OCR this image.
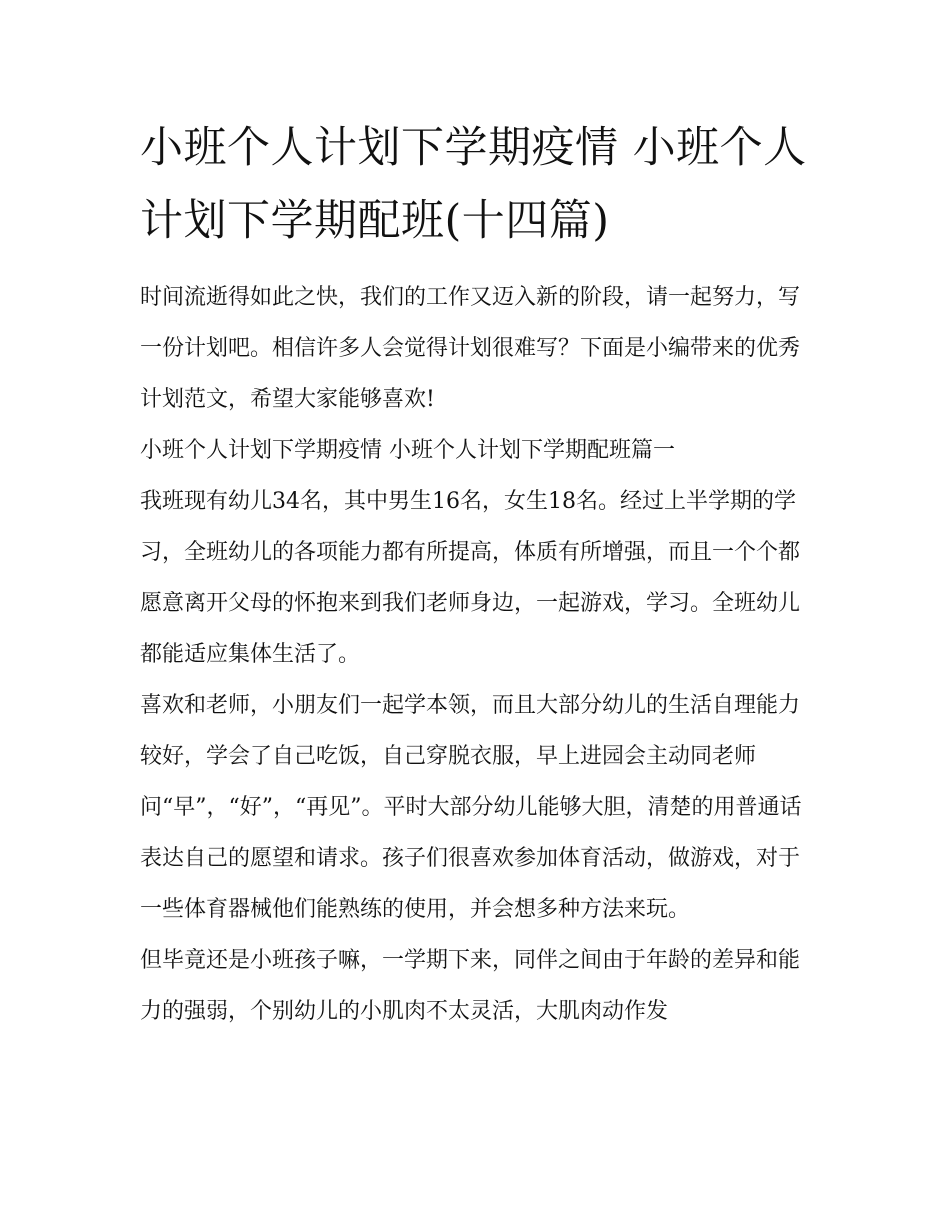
小班个人计划下学期疫情 小班个人计划下学期配班(十四篇)

时间流逝得如此之快，我们的工作又迈入新的阶段，请一起努力，写一份计划吧。相信许多人会觉得计划很难写？下面是小编带来的优秀计划范文，希望大家能够喜欢!

小班个人计划下学期疫情 小班个人计划下学期配班篇一

我班现有幼儿34名，其中男生16名，女生18名。经过上半学期的学习，全班幼儿的各项能力都有所提高，体质有所增强，而且一个个都愿意离开父母的怀抱来到我们老师身边，一起游戏，学习。全班幼儿都能适应集体生活了。

喜欢和老师，小朋友们一起学本领，而且大部分幼儿的生活自理能力较好，学会了自己吃饭，自己穿脱衣服，早上进园会主动同老师问“早”，“好”，“再见”。平时大部分幼儿能够大胆，清楚的用普通话表达自己的愿望和请求。孩子们很喜欢参加体育活动，做游戏，对于一些体育器械他们能熟练的使用，并会想多种方法来玩。

但毕竟还是小班孩子嘛，一学期下来，同伴之间由于年龄的差异和能力的强弱，个别幼儿的小肌肉不太灵活，大肌肉动作发
